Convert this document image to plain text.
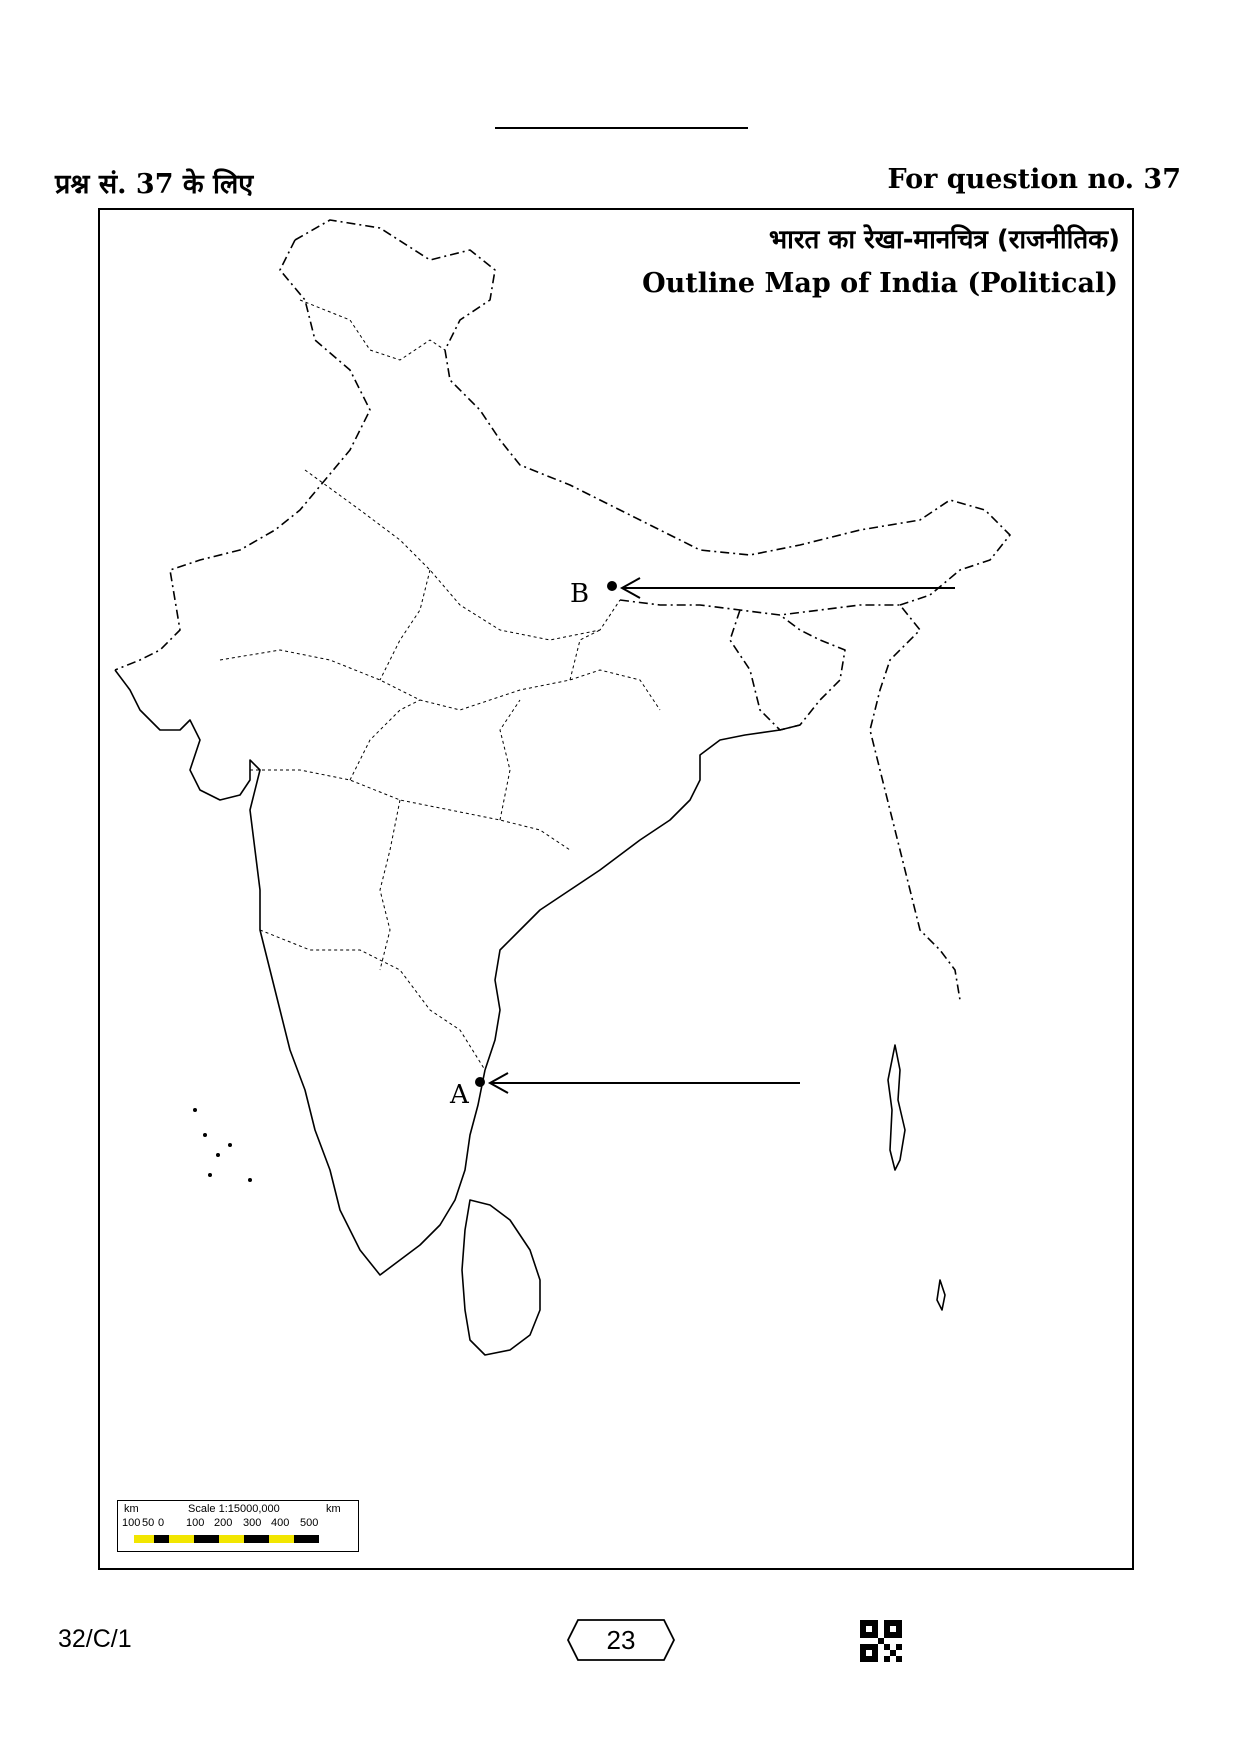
प्रश्न सं. 37 के लिए	For question no. 37
B
A
भारत का रेखा-मानचित्र (राजनीतिक)
Outline Map of India (Political)
km	Scale 1:15000,000	km
100 50 0 100 200 300 400 500
32/C/1	23
